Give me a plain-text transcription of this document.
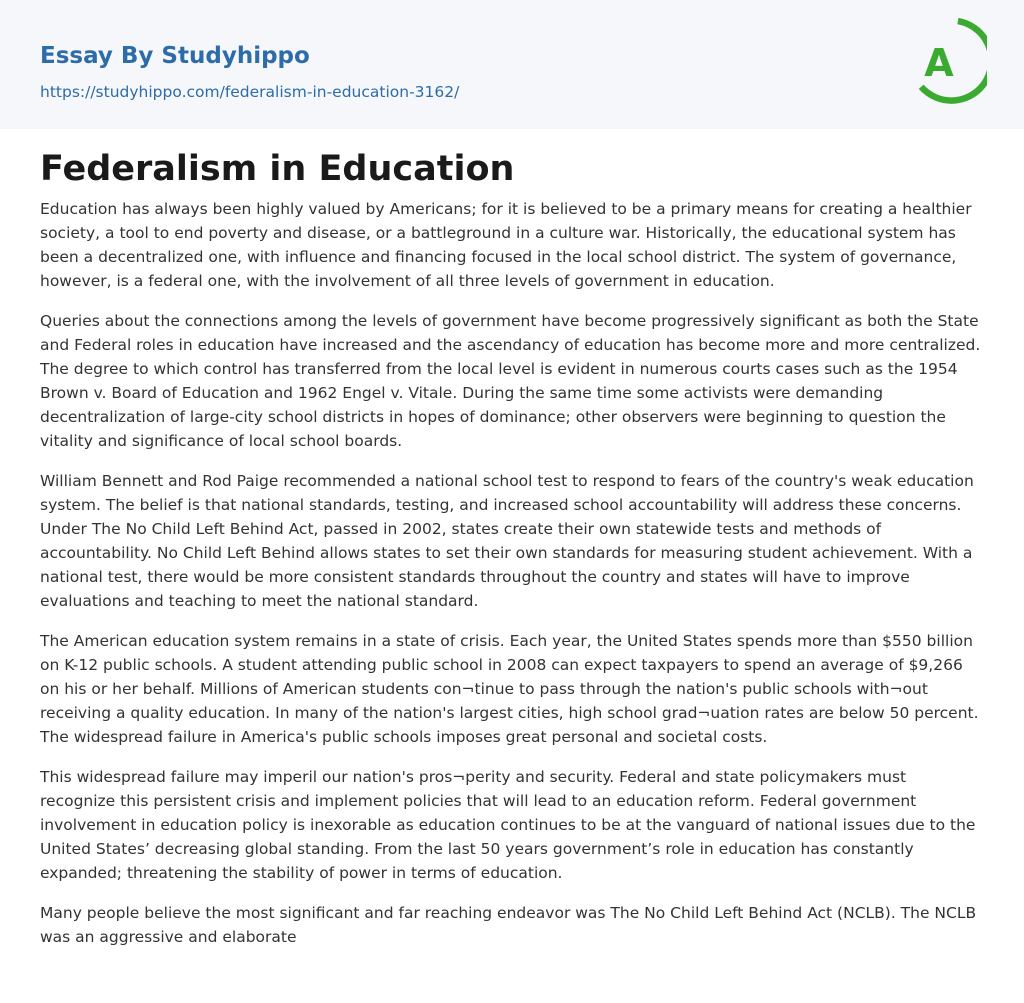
Essay By Studyhippo
https://studyhippo.com/federalism-in-education-3162/
A
Federalism in Education

Education has always been highly valued by Americans; for it is believed to be a primary means for creating a healthier society, a tool to end poverty and disease, or a battleground in a culture war. Historically, the educational system has been a decentralized one, with influence and financing focused in the local school district. The system of governance, however, is a federal one, with the involvement of all three levels of government in education.

Queries about the connections among the levels of government have become progressively significant as both the State and Federal roles in education have increased and the ascendancy of education has become more and more centralized. The degree to which control has transferred from the local level is evident in numerous courts cases such as the 1954 Brown v. Board of Education and 1962 Engel v. Vitale. During the same time some activists were demanding decentralization of large-city school districts in hopes of dominance; other observers were beginning to question the vitality and significance of local school boards.

William Bennett and Rod Paige recommended a national school test to respond to fears of the country's weak education system. The belief is that national standards, testing, and increased school accountability will address these concerns. Under The No Child Left Behind Act, passed in 2002, states create their own statewide tests and methods of accountability. No Child Left Behind allows states to set their own standards for measuring student achievement. With a national test, there would be more consistent standards throughout the country and states will have to improve evaluations and teaching to meet the national standard.

The American education system remains in a state of crisis. Each year, the United States spends more than $550 billion on K-12 public schools. A student attending public school in 2008 can expect taxpayers to spend an average of $9,266 on his or her behalf. Millions of American students con¬tinue to pass through the nation's public schools with¬out receiving a quality education. In many of the nation's largest cities, high school grad¬uation rates are below 50 percent. The widespread failure in America's public schools imposes great personal and societal costs.

This widespread failure may imperil our nation's pros¬perity and security. Federal and state policymakers must recognize this persistent crisis and implement policies that will lead to an education reform. Federal government involvement in education policy is inexorable as education continues to be at the vanguard of national issues due to the United States’ decreasing global standing. From the last 50 years government’s role in education has constantly expanded; threatening the stability of power in terms of education.

Many people believe the most significant and far reaching endeavor was The No Child Left Behind Act (NCLB). The NCLB was an aggressive and elaborate
